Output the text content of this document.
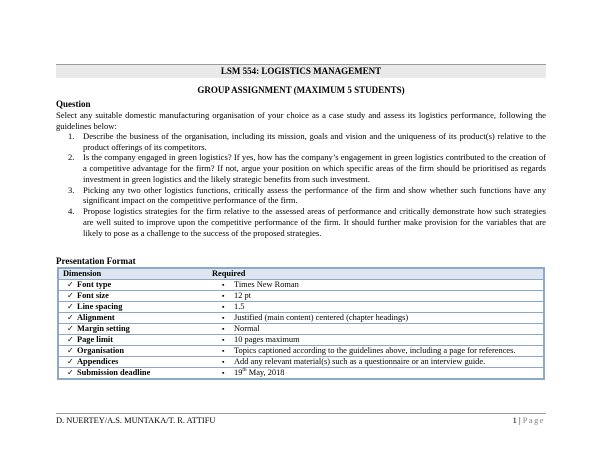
LSM 554: LOGISTICS MANAGEMENT
GROUP ASSIGNMENT (MAXIMUM 5 STUDENTS)
Question
Select any suitable domestic manufacturing organisation of your choice as a case study and assess its logistics performance, following the guidelines below:
1. Describe the business of the organisation, including its mission, goals and vision and the uniqueness of its product(s) relative to the product offerings of its competitors.
2. Is the company engaged in green logistics? If yes, how has the company’s engagement in green logistics contributed to the creation of a competitive advantage for the firm? If not, argue your position on which specific areas of the firm should be prioritised as regards investment in green logistics and the likely strategic benefits from such investment.
3. Picking any two other logistics functions, critically assess the performance of the firm and show whether such functions have any significant impact on the competitive performance of the firm.
4. Propose logistics strategies for the firm relative to the assessed areas of performance and critically demonstrate how such strategies are well suited to improve upon the competitive performance of the firm. It should further make provision for the variables that are likely to pose as a challenge to the success of the proposed strategies.
Presentation Format
Dimension	Required
✓ Font type	▪ Times New Roman
✓ Font size	▪ 12 pt
✓ Line spacing	▪ 1.5
✓ Alignment	▪ Justified (main content) centered (chapter headings)
✓ Margin setting	▪ Normal
✓ Page limit	▪ 10 pages maximum
✓ Organisation	▪ Topics captioned according to the guidelines above, including a page for references.
✓ Appendices	▪ Add any relevant material(s) such as a questionnaire or an interview guide.
✓ Submission deadline	▪ 19th May, 2018
D. NUERTEY/A.S. MUNTAKA/T. R. ATTIFU	1 | Page
